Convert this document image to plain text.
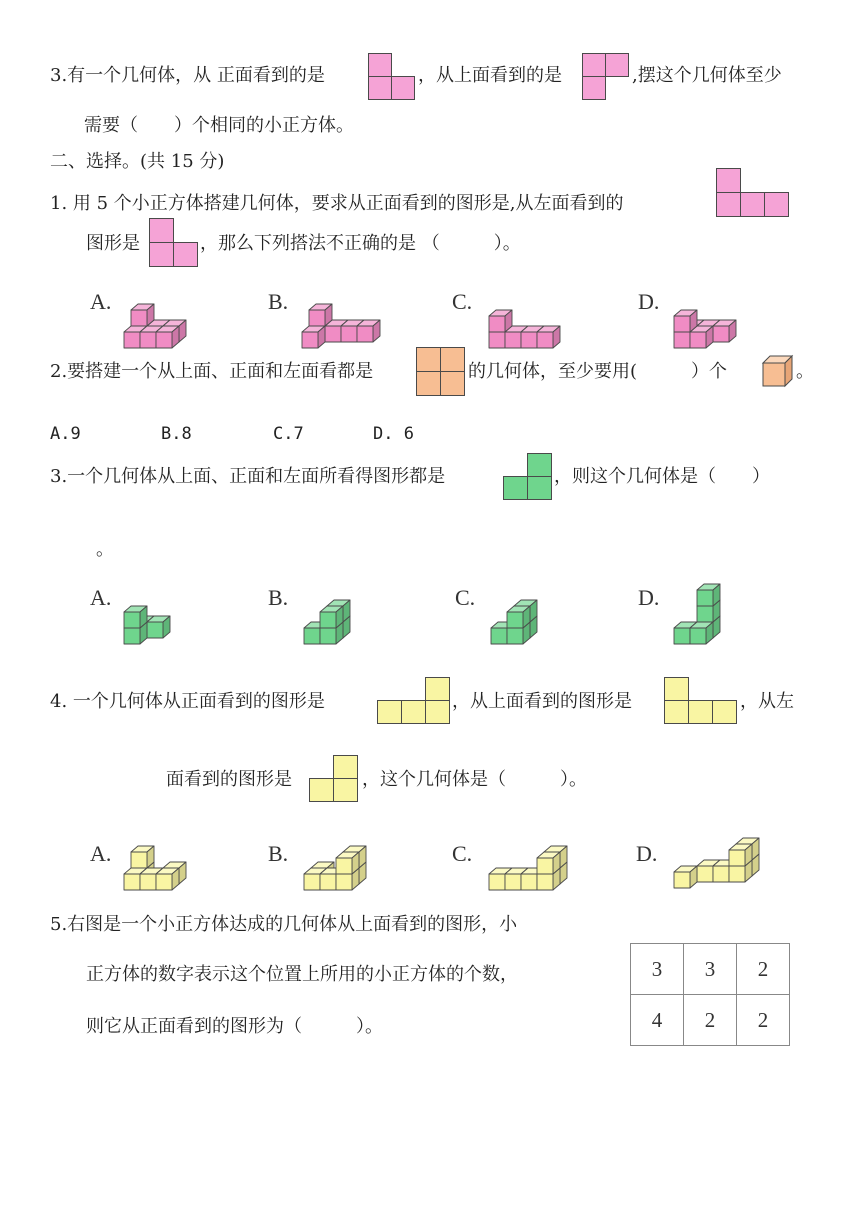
3.有一个几何体，从 正面看到的是	，从上面看到的是	,摆这个几何体至少
需要（　　）个相同的小正方体。
二、选择。(共 15 分)
1. 用 5 个小正方体搭建几何体，要求从正面看到的图形是,从左面看到的
图形是	，那么下列搭法不正确的是 （　　　）。
A.	B.	C.	D.
2.要搭建一个从上面、正面和左面看都是	的几何体，至少要用(　　　）个	。
A.9	B.8	C.7	D. 6
3.一个几何体从上面、正面和左面所看得图形都是	，则这个几何体是（　　）
。
A.	B.	C.	D.
4. 一个几何体从正面看到的图形是	，从上面看到的图形是	，从左
面看到的图形是	，这个几何体是（　　　）。
A.	B.	C.	D.
5.右图是一个小正方体达成的几何体从上面看到的图形，小
正方体的数字表示这个位置上所用的小正方体的个数，
则它从正面看到的图形为（　　　）。
3	3	2
4	2	2
